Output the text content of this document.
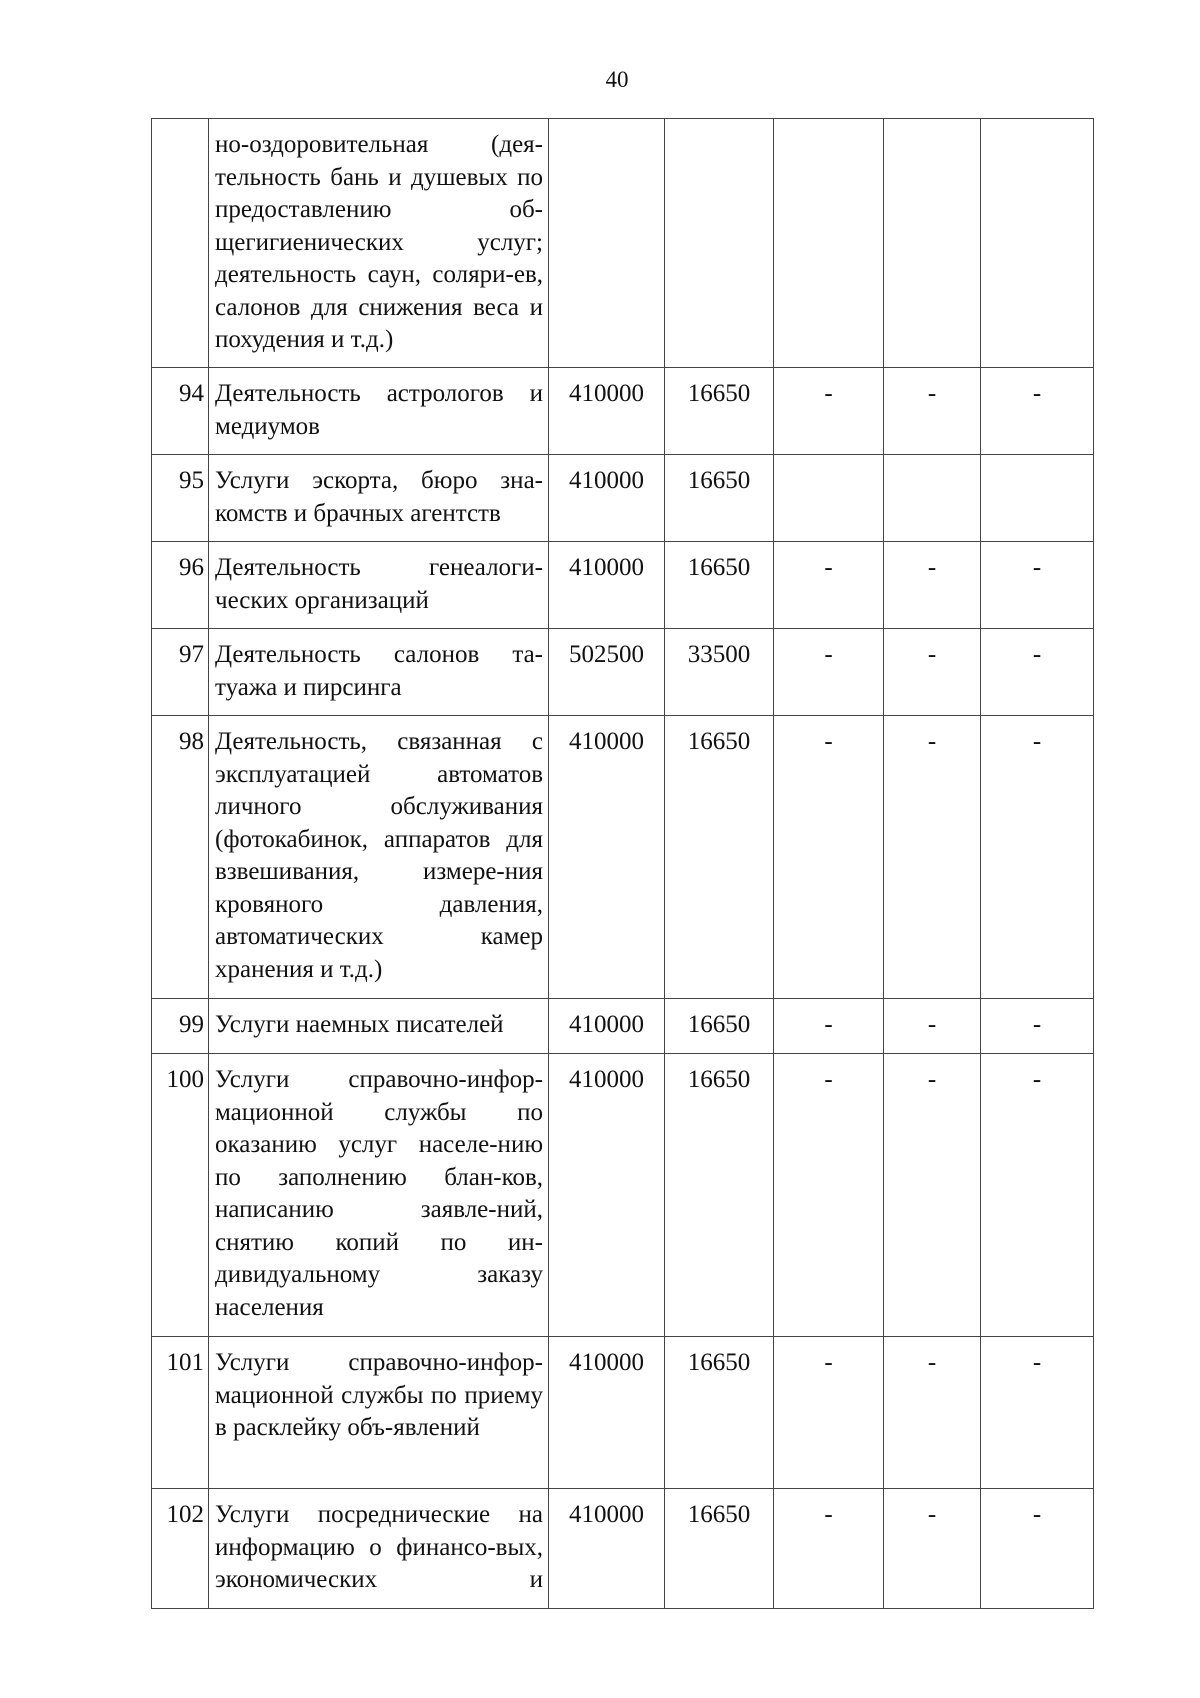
40
	но-оздоровительная (дея-тельность бань и душевых по предоставлению об-щегигиенических услуг; деятельность саун, соляри-ев, салонов для снижения веса и похудения и т.д.)					
94	Деятельность астрологов и медиумов	410000	16650	-	-	-
95	Услуги эскорта, бюро зна-комств и брачных агентств	410000	16650			
96	Деятельность генеалоги-ческих организаций	410000	16650	-	-	-
97	Деятельность салонов та-туажа и пирсинга	502500	33500	-	-	-
98	Деятельность, связанная с эксплуатацией автоматов личного обслуживания (фотокабинок, аппаратов для взвешивания, измере-ния кровяного давления, автоматических камер хранения и т.д.)	410000	16650	-	-	-
99	Услуги наемных писателей	410000	16650	-	-	-
100	Услуги справочно-инфор-мационной службы по оказанию услуг населе-нию по заполнению блан-ков, написанию заявле-ний, снятию копий по ин-дивидуальному заказу населения	410000	16650	-	-	-
101	Услуги справочно-инфор-мационной службы по приему в расклейку объ-явлений	410000	16650	-	-	-
102	Услуги посреднические на информацию о финансо-вых, экономических и	410000	16650	-	-	-
